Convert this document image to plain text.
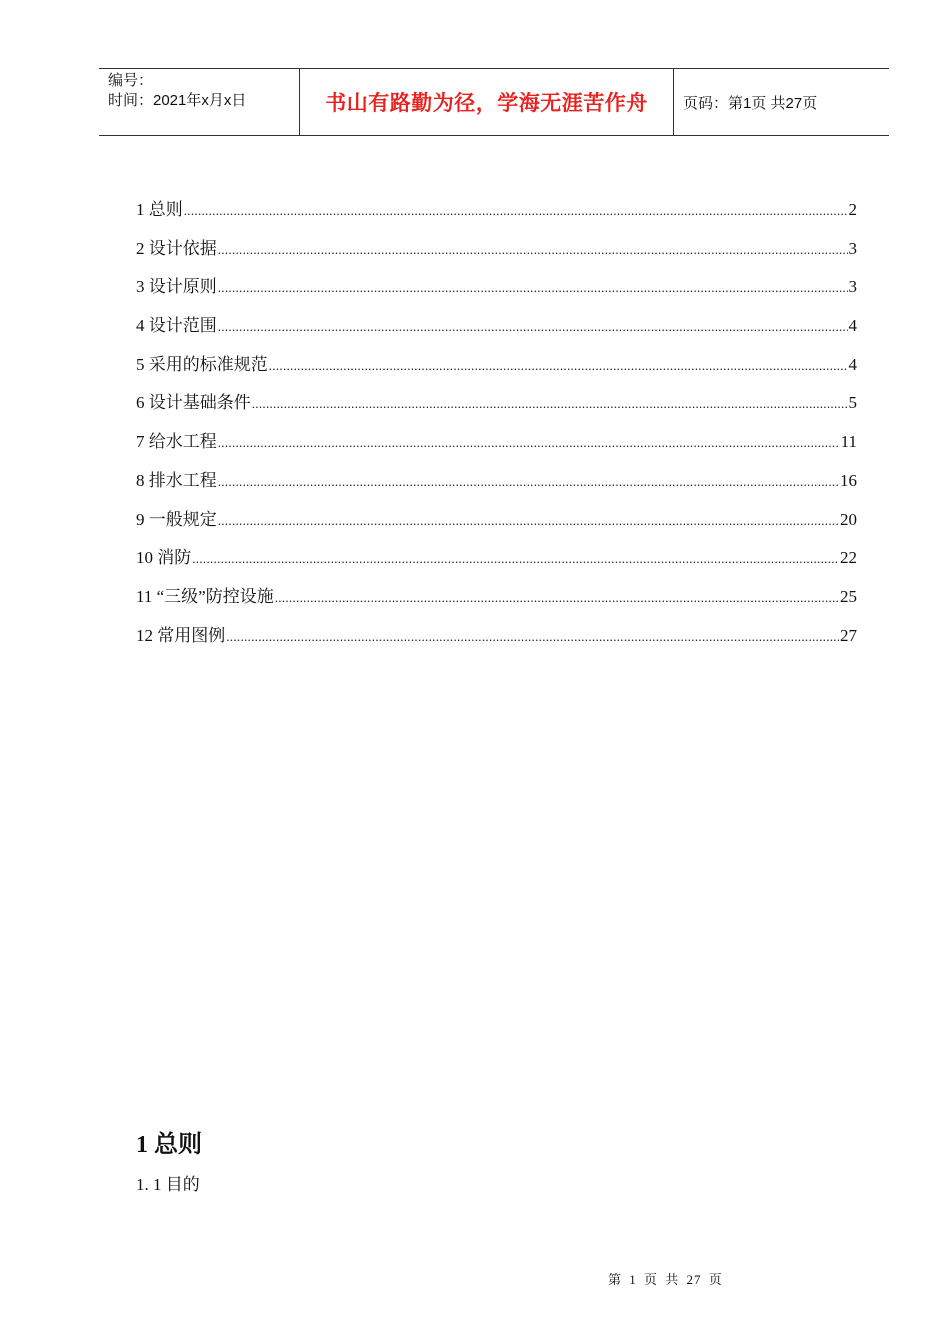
编号：
时间：2021年x月x日	书山有路勤为径，学海无涯苦作舟 页码：第1页 共27页
1 总则 .....	2
2 设计依据 .....	3
3 设计原则 .....	3
4 设计范围 .....	4
5 采用的标准规范 .....	4
6 设计基础条件 .....	5
7 给水工程 .....	11
8 排水工程 .....	16
9 一般规定 .....	20
10 消防 .....	22
11 “三级”防控设施 .....	25
12 常用图例 .....	27
1 总则

1. 1 目的

第 1 页 共 27 页
